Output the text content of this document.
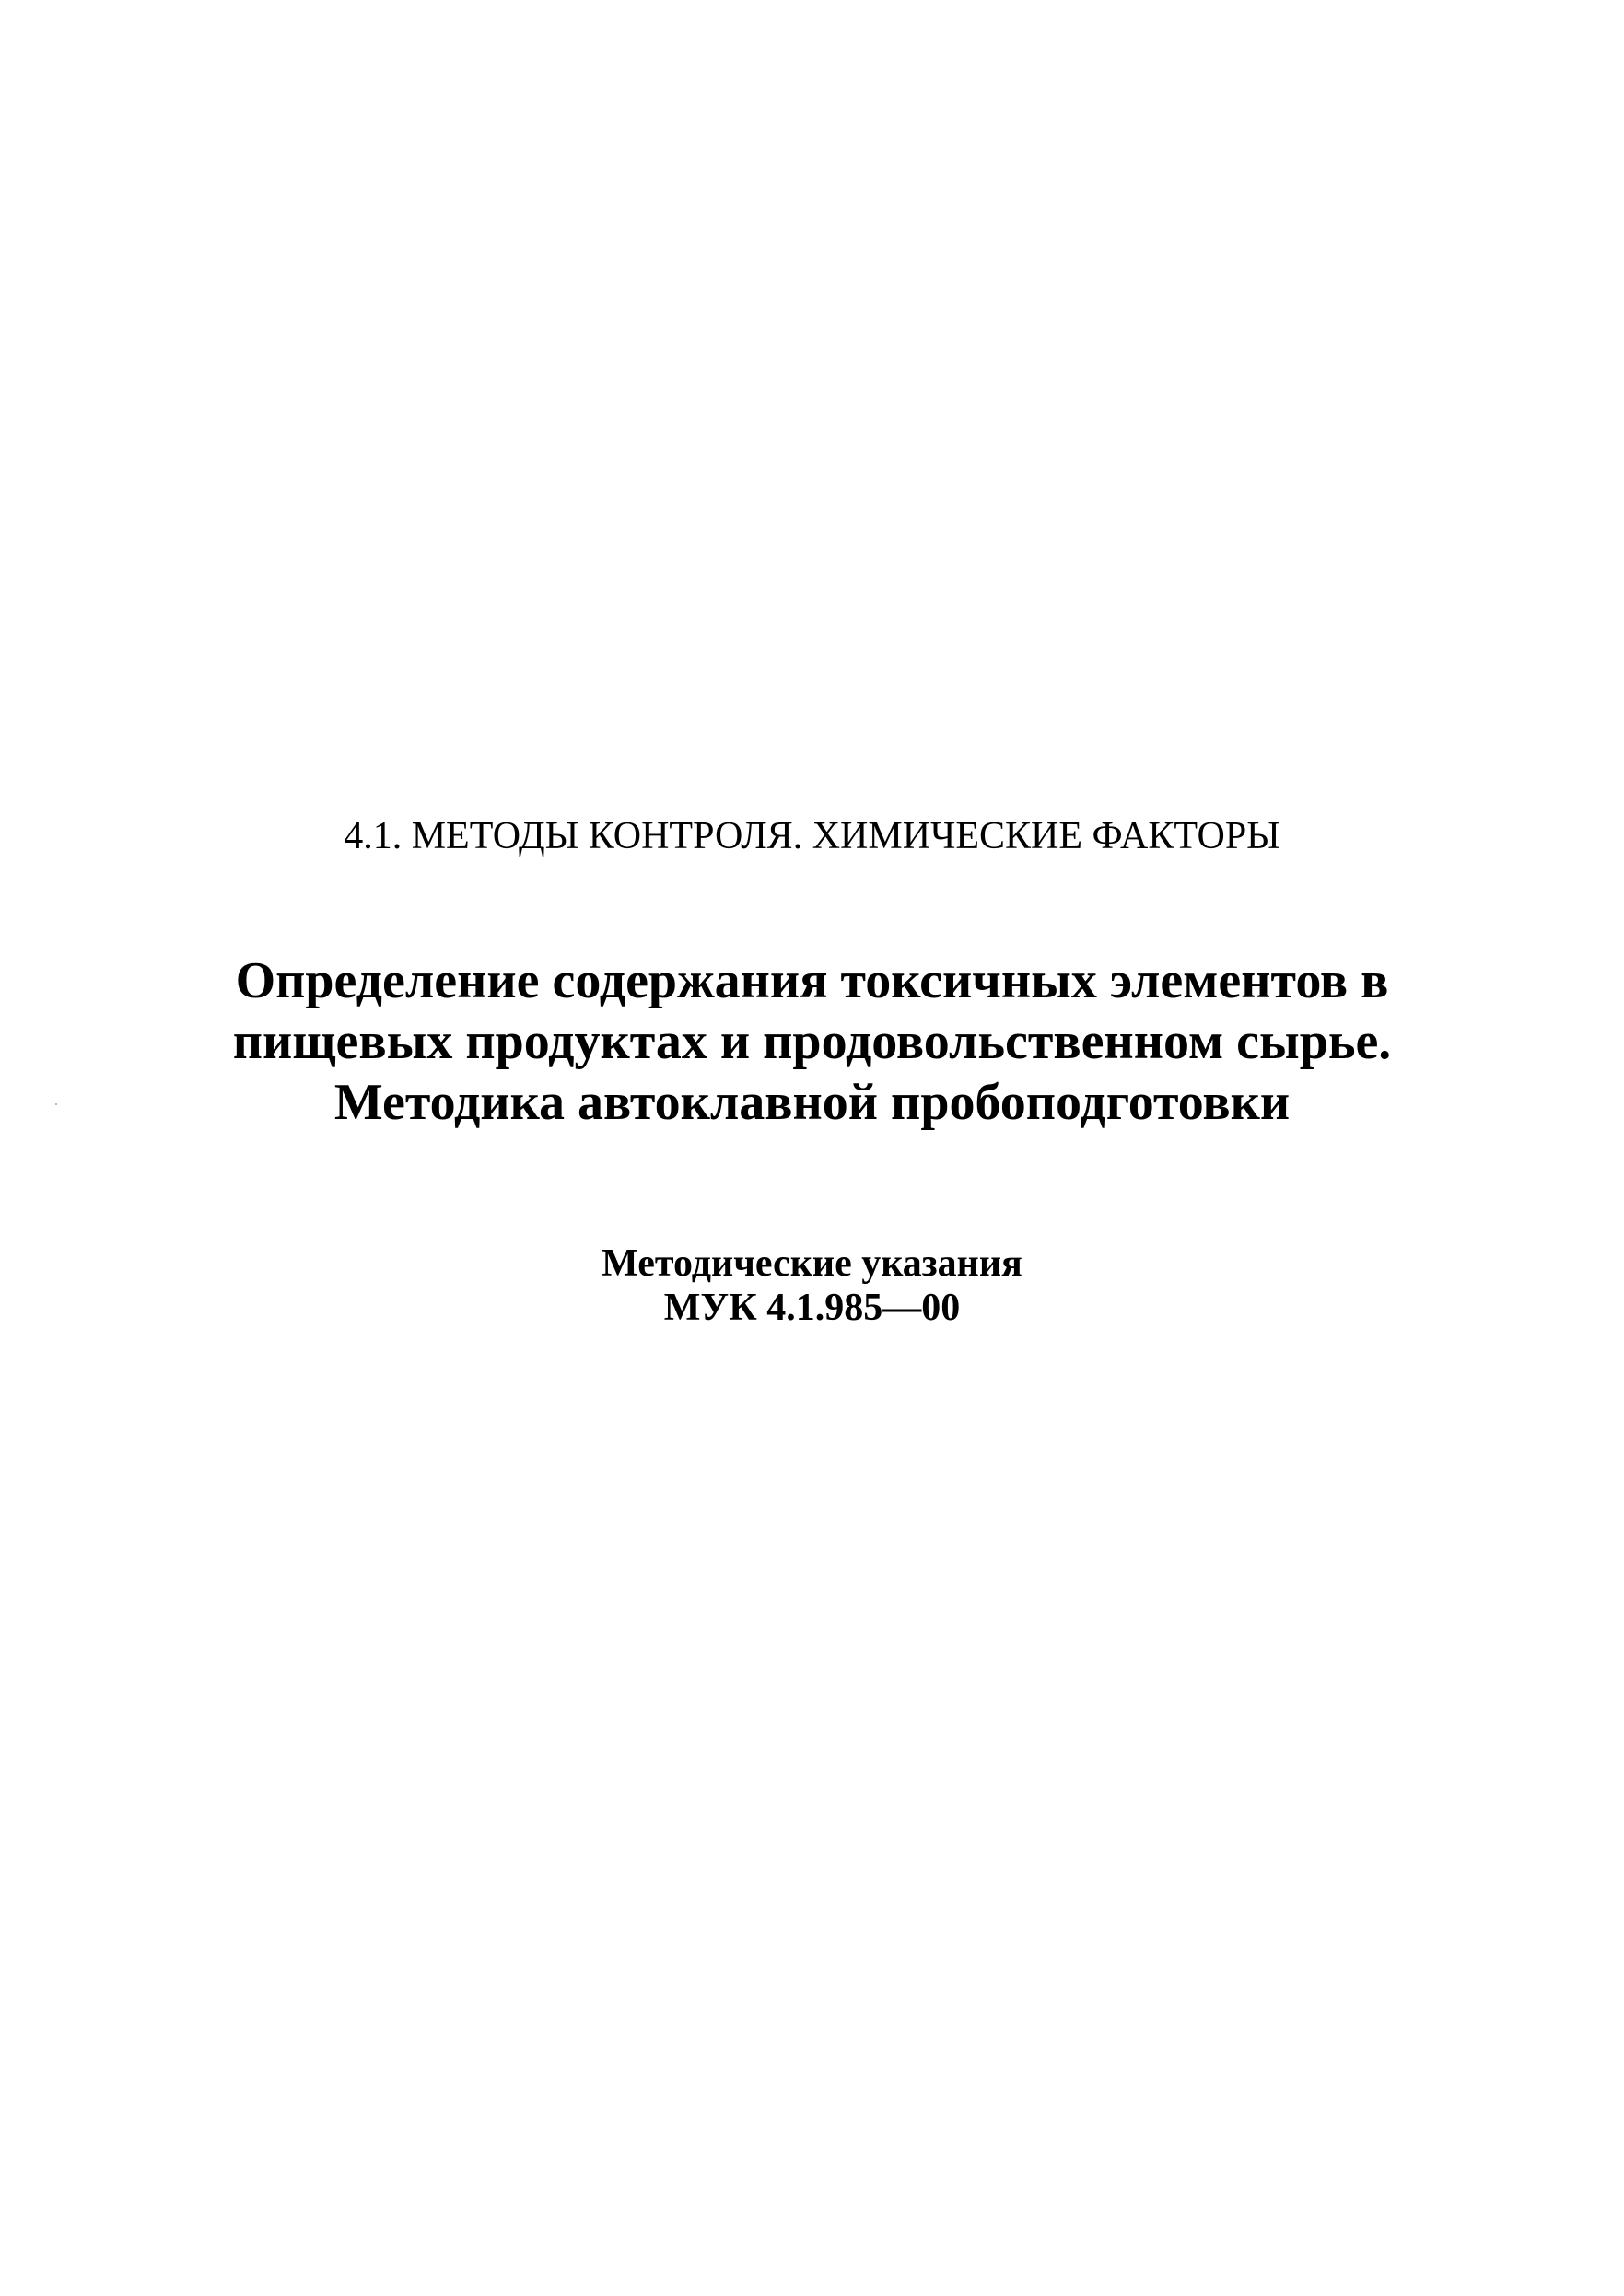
4.1. МЕТОДЫ КОНТРОЛЯ. ХИМИЧЕСКИЕ ФАКТОРЫ
Определение содержания токсичных элементов в
пищевых продуктах и продовольственном сырье.
Методика автоклавной пробоподготовки
Методические указания
МУК 4.1.985—00
